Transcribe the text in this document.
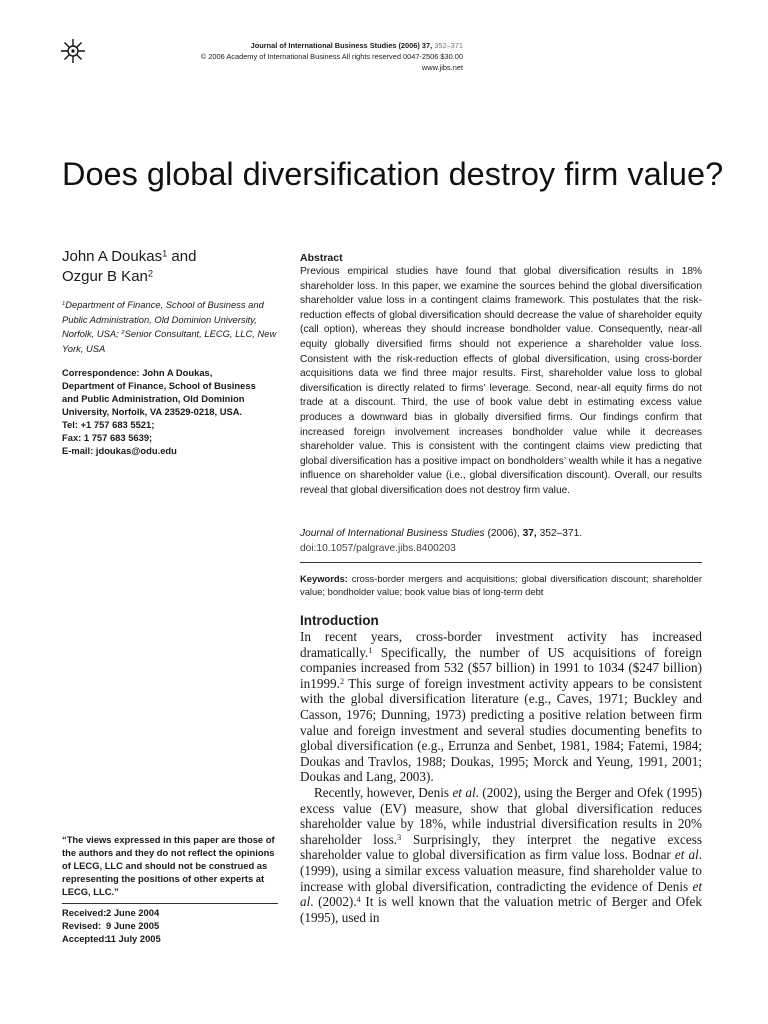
Journal of International Business Studies (2006) 37, 352–371
© 2006 Academy of International Business All rights reserved 0047-2506 $30.00
www.jibs.net
Does global diversification destroy firm value?
John A Doukas$^1$ and
Ozgur B Kan$^2$
$^1$Department of Finance, School of Business and Public Administration, Old Dominion University, Norfolk, USA; $^2$Senior Consultant, LECG, LLC, New York, USA
Correspondence: John A Doukas,
Department of Finance, School of Business
and Public Administration, Old Dominion
University, Norfolk, VA 23529-0218, USA.
Tel: +1 757 683 5521;
Fax: 1 757 683 5639;
E-mail: jdoukas@odu.edu
“The views expressed in this paper are those of the authors and they do not reflect the opinions of LECG, LLC and should not be construed as representing the positions of other experts at LECG, LLC.”
Received: 2 June 2004
Revised: 9 June 2005
Accepted:
11 July 2005
Abstract
Previous empirical studies have found that global diversification results in 18% shareholder loss. In this paper, we examine the sources behind the global diversification shareholder value loss in a contingent claims framework. This postulates that the risk-reduction effects of global diversification should decrease the value of shareholder equity (call option), whereas they should increase bondholder value. Consequently, near-all equity globally diversified firms should not experience a shareholder value loss. Consistent with the risk-reduction effects of global diversification, using cross-border acquisitions data we find three major results. First, shareholder value loss to global diversification is directly related to firms’ leverage. Second, near-all equity firms do not trade at a discount. Third, the use of book value debt in estimating excess value produces a downward bias in globally diversified firms. Our findings confirm that increased foreign involvement increases bondholder value while it decreases shareholder value. This is consistent with the contingent claims view predicting that global diversification has a positive impact on bondholders’ wealth while it has a negative influence on shareholder value (i.e., global diversification discount). Overall, our results reveal that global diversification does not destroy firm value.
Journal of International Business Studies (2006), 37, 352–371.
doi:10.1057/palgrave.jibs.8400203
Keywords: cross-border mergers and acquisitions; global diversification discount; shareholder value; bondholder value; book value bias of long-term debt
Introduction

In recent years, cross-border investment activity has increased dramatically.$^1$ Specifically, the number of US acquisitions of foreign companies increased from 532 ($57 billion) in 1991 to 1034 ($247 billion) in1999.$^2$ This surge of foreign investment activity appears to be consistent with the global diversification literature (e.g., Caves, 1971; Buckley and Casson, 1976; Dunning, 1973) predicting a positive relation between firm value and foreign investment and several studies documenting benefits to global diversification (e.g., Errunza and Senbet, 1981, 1984; Fatemi, 1984; Doukas and Travlos, 1988; Doukas, 1995; Morck and Yeung, 1991, 2001; Doukas and Lang, 2003).

Recently, however, Denis et al. (2002), using the Berger and Ofek (1995) excess value (EV) measure, show that global diversification reduces shareholder value by 18%, while industrial diversification results in 20% shareholder loss.$^3$ Surprisingly, they interpret the negative excess shareholder value to global diversification as firm value loss. Bodnar et al. (1999), using a similar excess valuation measure, find shareholder value to increase with global diversification, contradicting the evidence of Denis et al. (2002).$^4$ It is well known that the valuation metric of Berger and Ofek (1995), used in
